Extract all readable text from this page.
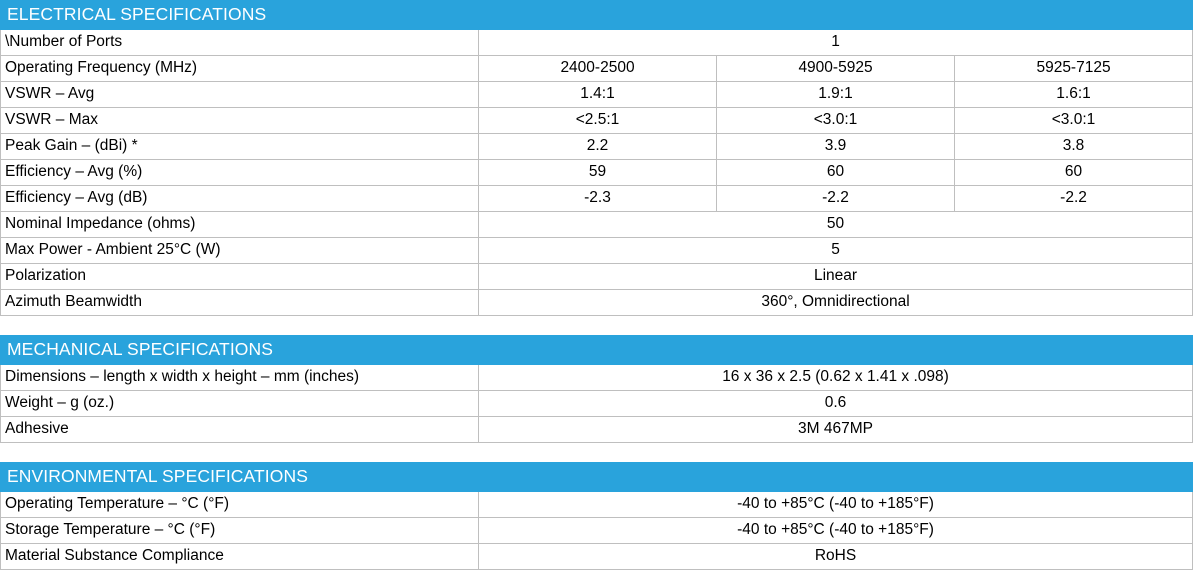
ELECTRICAL SPECIFICATIONS			
\Number of Ports	1		
Operating Frequency (MHz)	2400-2500	4900-5925	5925-7125
VSWR – Avg	1.4:1	1.9:1	1.6:1
VSWR – Max	<2.5:1	<3.0:1	<3.0:1
Peak Gain – (dBi) *	2.2	3.9	3.8
Efficiency – Avg (%)	59	60	60
Efficiency – Avg (dB)	-2.3	-2.2	-2.2
Nominal Impedance (ohms)	50		
Max Power - Ambient 25°C (W)	5		
Polarization	Linear		
Azimuth Beamwidth	360°, Omnidirectional		
MECHANICAL SPECIFICATIONS	
Dimensions – length x width x height – mm (inches)	16 x 36 x 2.5 (0.62 x 1.41 x .098)
Weight – g (oz.)	0.6
Adhesive	3M 467MP
ENVIRONMENTAL SPECIFICATIONS	
Operating Temperature – °C (°F)	-40 to +85°C (-40 to +185°F)
Storage Temperature – °C (°F)	-40 to +85°C (-40 to +185°F)
Material Substance Compliance	RoHS
